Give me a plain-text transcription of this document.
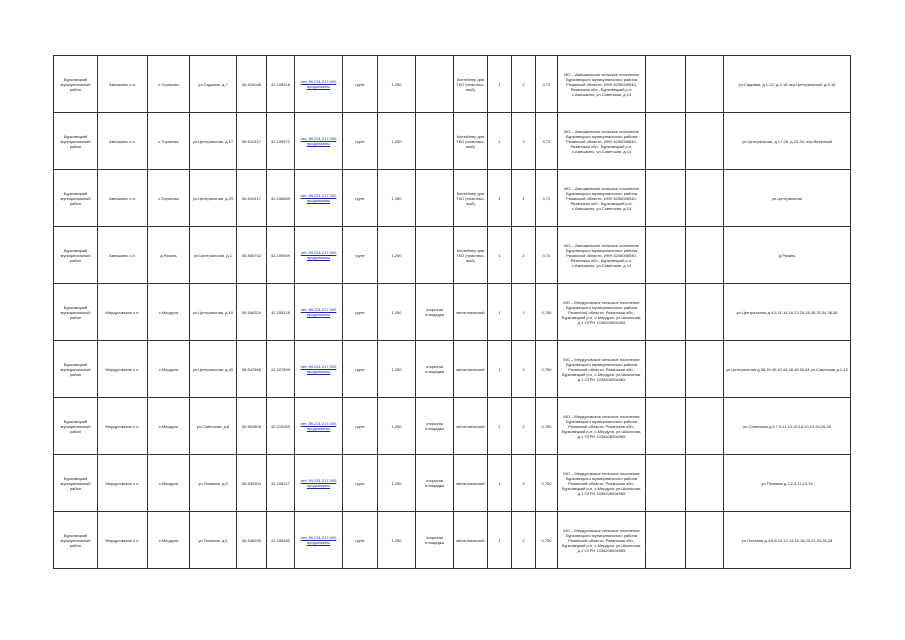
Бурковецкий муниципальный район	Амешкино с.п.	с.Торопово	ул.Садовая, д.7	56.510048	42.108918	нет, 89.231.217.000 продолжены	грунт	1,250		Контейнер для ТКО (пластико- вый)	1	2	0,72	МО – Амешкинское сельское поселение Бурковецкого муниципального района Рязанской области, ИНН 6206008540, Рязанская обл., Бурковецкий р-н, с.Амешкино, ул.Советская, д.14			ул.Садовая, д.1-22; д.2-18 пер.Центральный, д.9-16
Бурковецкий муниципальный район	Амешкино с.п.	с.Торопово	ул.Центральная, д.17	56.510117	42.109572	нет, 89.231.217.000 продолжены	грунт	1,250		Контейнер для ТКО (пластико- вый)	1	2	0,72	МО – Амешкинское сельское поселение Бурковецкого муниципального района Рязанской области, ИНН 6206008540, Рязанская обл., Бурковецкий р-н, с.Амешкино, ул.Советская, д.14			ул.Центральная, д.17-26, д.23-34, пер.Весенний
Бурковецкий муниципальный район	Амешкино с.п.	с.Торопово	ул.Центральная, д.29	56.510417	42.108889	нет, 89.231.217.000 продолжены	грунт	1,250		Контейнер для ТКО (пластико- вый)	1	1	0,72	МО – Амешкинское сельское поселение Бурковецкого муниципального района Рязанской области, ИНН 6206008540, Рязанская обл., Бурковецкий р-н, с.Амешкино, ул.Советская, д.14			ул.Центральная
Бурковецкий муниципальный район	Амешкино с.п.	д.Рязань	ул.Центральная, д.1	56.506742	42.109559	нет, 89.231.217.000 продолжены	грунт	1,250		Контейнер для ТКО (пластико- вый)	1	2	0,72	МО – Амешкинское сельское поселение Бурковецкого муниципального района Рязанской области, ИНН 6206008540, Рязанская обл., Бурковецкий р-н, с.Амешкино, ул.Советская, д.14			д.Рязань
Бурковецкий муниципальный район	Мердуховское с.п.	с.Мердуха	ул.Центральная, д.10	56.548324	42.208118	нет, 89.231.217.000 продолжены	грунт	1,250	открытая площадка	металлический	1	2	0,750	МО – Мердуховское сельское поселение Бурковецкого муниципального района Рязанской области, Рязанская обл., Бурковецкий р-н, с.Мердуха, ул.Школьная, д.1 ОГРН 1036208004965			ул.Центральная д.4,6,11,16,18,23,25,28,30,32,34,36,38
Бурковецкий муниципальный район	Мердуховское с.п.	с.Мердуха	ул.Центральная, д.40	56.547868	42.207899	нет, 89.231.217.000 продолжены	грунт	1,250	открытая площадка	металлический	1	2	0,750	МО – Мердуховское сельское поселение Бурковецкого муниципального района Рязанской области, Рязанская обл., Бурковецкий р-н, с.Мердуха, ул.Школьная, д.1 ОГРН 1036208004965			ул.Центральная д.38,39,40,42,44,46,48,50,54 ул.Советская д.1-12
Бурковецкий муниципальный район	Мердуховское с.п.	с.Мердуха	ул.Советская, д.8	56.551808	42.210059	нет, 89.231.217.000 продолжены	грунт	1,250	открытая площадка	металлический	1	2	0,750	МО – Мердуховское сельское поселение Бурковецкого муниципального района Рязанской области, Рязанская обл., Бурковецкий р-н, с.Мердуха, ул.Школьная, д.1 ОГРН 1036208004965			ул.Советская д.5,7,9,11,13,15,18,20,22,24,26,28
Бурковецкий муниципальный район	Мердуховское с.п.	с.Мердуха	ул.Полевая, д.5	56.549304	42.208217	нет, 89.231.217.000 продолжены	грунт	1,250	открытая площадка	металлический	1	2	0,750	МО – Мердуховское сельское поселение Бурковецкого муниципального района Рязанской области, Рязанская обл., Бурковецкий р-н, с.Мердуха, ул.Школьная, д.1 ОГРН 1036208004965			ул.Полевая д.1,2,3,11,13,15
Бурковецкий муниципальный район	Мердуховское с.п.	с.Мердуха	ул.Полевая, д.6	56.548235	42.208480	нет, 89.231.217.000 продолжены	грунт	1,250	открытая площадка	металлический	1	2	0,750	МО – Мердуховское сельское поселение Бурковецкого муниципального района Рязанской области, Рязанская обл., Бурковецкий р-н, с.Мердуха, ул.Школьная, д.1 ОГРН 1036208004965			ул.Полевая д.4,6,8,10,12,14,16,18,20,22,24,26,28
